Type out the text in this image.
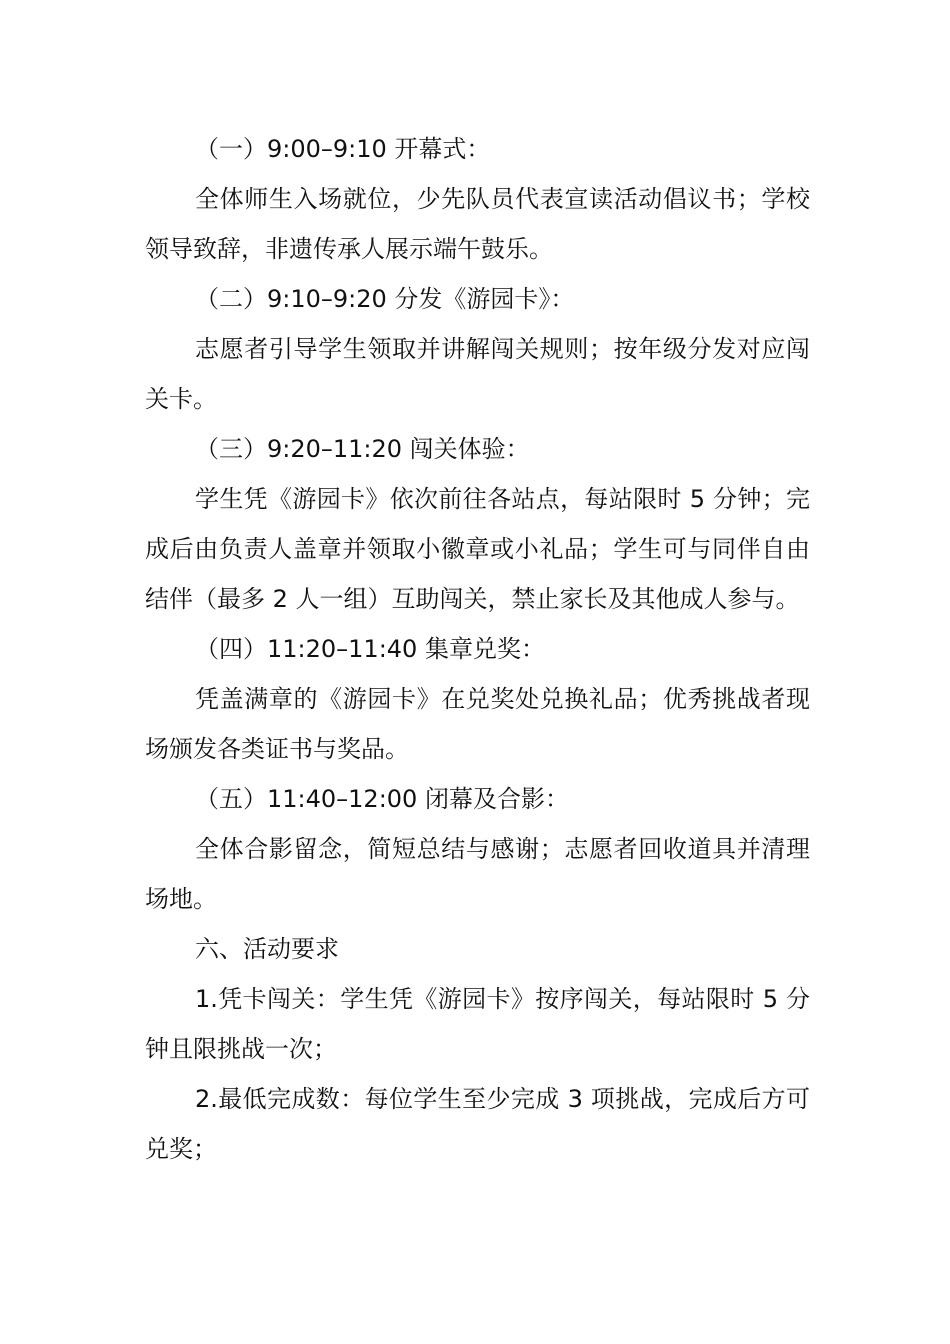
（一）9:00–9:10 开幕式：

全体师生入场就位，少先队员代表宣读活动倡议书；学校领导致辞，非遗传承人展示端午鼓乐。

（二）9:10–9:20 分发《游园卡》：

志愿者引导学生领取并讲解闯关规则；按年级分发对应闯关卡。

（三）9:20–11:20 闯关体验：

学生凭《游园卡》依次前往各站点，每站限时 5 分钟；完成后由负责人盖章并领取小徽章或小礼品；学生可与同伴自由结伴（最多 2 人一组）互助闯关，禁止家长及其他成人参与。

（四）11:20–11:40 集章兑奖：

凭盖满章的《游园卡》在兑奖处兑换礼品；优秀挑战者现场颁发各类证书与奖品。

（五）11:40–12:00 闭幕及合影：

全体合影留念，简短总结与感谢；志愿者回收道具并清理场地。

六、活动要求

1.凭卡闯关：学生凭《游园卡》按序闯关，每站限时 5 分钟且限挑战一次；

2.最低完成数：每位学生至少完成 3 项挑战，完成后方可兑奖；
